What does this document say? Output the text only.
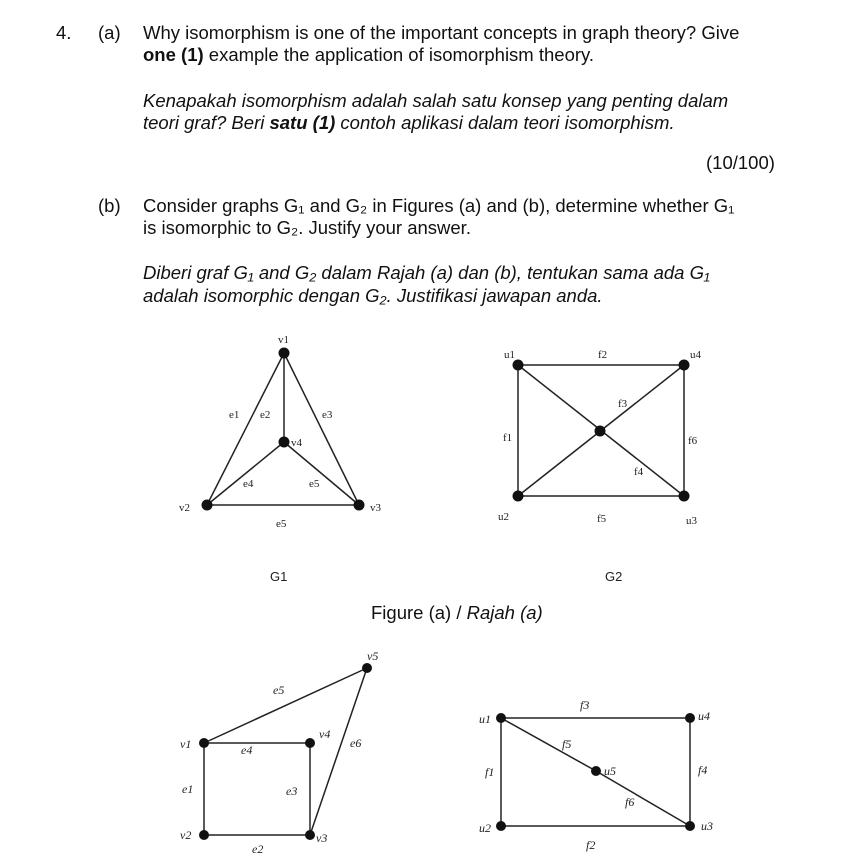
4. (a) Why isomorphism is one of the important concepts in graph theory? Give
one (1) example the application of isomorphism theory.
Kenapakah isomorphism adalah salah satu konsep yang penting dalam
teori graf? Beri satu (1) contoh aplikasi dalam teori isomorphism.
(10/100)
(b) Consider graphs G₁ and G₂ in Figures (a) and (b), determine whether G₁
is isomorphic to G₂. Justify your answer.
Diberi graf G₁ and G₂ dalam Rajah (a) dan (b), tentukan sama ada G₁
adalah isomorphic dengan G₂. Justifikasi jawapan anda.
v1
v2	v3
v4
e1 e2	e3
e4	e5
e5
G1
u1
u2	u3
u4
f1
f2
f3
f4
f5
f6
G2
Figure (a) / Rajah (a)
v1
v2	v3
v4
v5
e1
e2
e3
e4
e5
e6
u1
u2	u3
u4
u5
f1
f2
f3
f4
f5
f6
